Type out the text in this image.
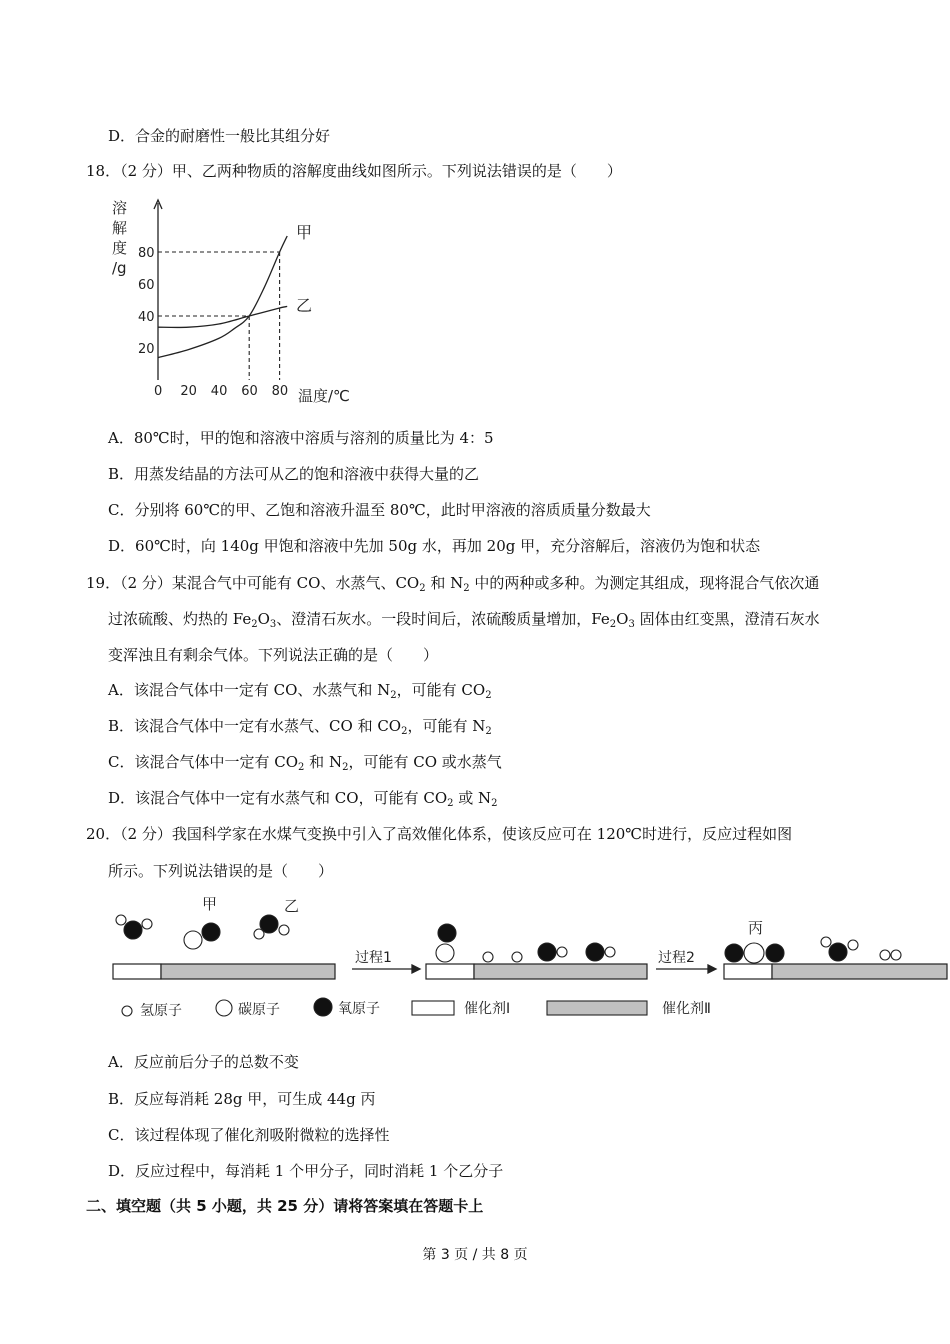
D．合金的耐磨性一般比其组分好
18．（2 分）甲、乙两种物质的溶解度曲线如图所示。下列说法错误的是（　　）
溶
解
度
/g
20
40
60
80
0 20 40 60 80
甲
乙
温度/℃
A．80℃时，甲的饱和溶液中溶质与溶剂的质量比为 4：5
B．用蒸发结晶的方法可从乙的饱和溶液中获得大量的乙
C．分别将 60℃的甲、乙饱和溶液升温至 80℃，此时甲溶液的溶质质量分数最大
D．60℃时，向 140g 甲饱和溶液中先加 50g 水，再加 20g 甲，充分溶解后，溶液仍为饱和状态
19．（2 分）某混合气中可能有 CO、水蒸气、$CO_2$ 和 $N_2$ 中的两种或多种。为测定其组成，现将混合气依次通
过浓硫酸、灼热的 $Fe_2O_3$、澄清石灰水。一段时间后，浓硫酸质量增加，$Fe_2O_3$ 固体由红变黑，澄清石灰水
变浑浊且有剩余气体。下列说法正确的是（　　）
A．该混合气体中一定有 CO、水蒸气和 $N_2$，可能有 $CO_2$
B．该混合气体中一定有水蒸气、CO 和 $CO_2$，可能有 $N_2$
C．该混合气体中一定有 $CO_2$ 和 $N_2$，可能有 CO 或水蒸气
D．该混合气体中一定有水蒸气和 CO，可能有 $CO_2$ 或 $N_2$
20．（2 分）我国科学家在水煤气变换中引入了高效催化体系，使该反应可在 120℃时进行，反应过程如图
所示。下列说法错误的是（　　）
甲	乙
过程1	过程2
丙
氢原子	碳原子	氧原子	催化剂Ⅰ	催化剂Ⅱ
A．反应前后分子的总数不变
B．反应每消耗 28g 甲，可生成 44g 丙
C．该过程体现了催化剂吸附微粒的选择性
D．反应过程中，每消耗 1 个甲分子，同时消耗 1 个乙分子
二、填空题（共 5 小题，共 25 分）请将答案填在答题卡上
第 3 页 / 共 8 页
